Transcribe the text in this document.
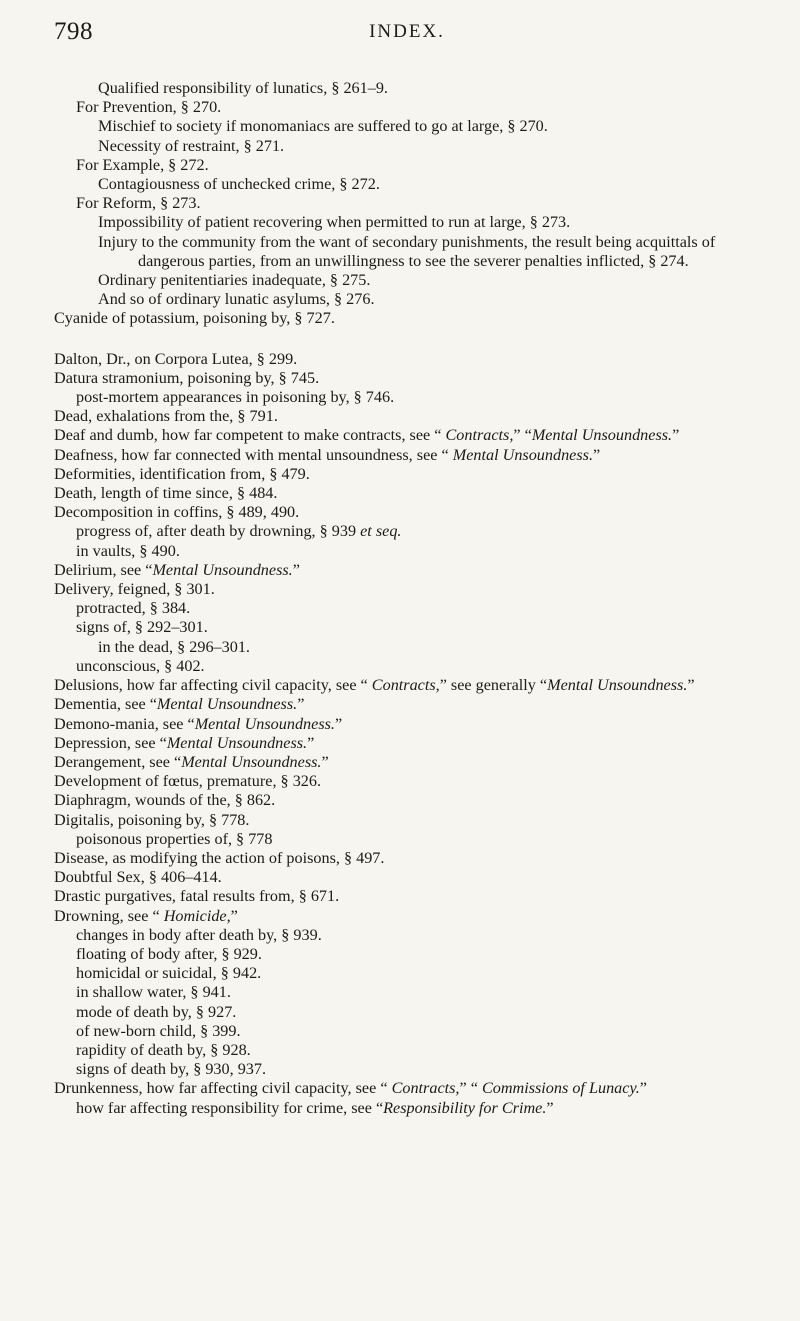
798	INDEX.
Qualified responsibility of lunatics, § 261–9.
For Prevention, § 270.
Mischief to society if monomaniacs are suffered to go at large, § 270.
Necessity of restraint, § 271.
For Example, § 272.
Contagiousness of unchecked crime, § 272.
For Reform, § 273.
Impossibility of patient recovering when permitted to run at large, § 273.
Injury to the community from the want of secondary punishments, the result being acquittals of dangerous parties, from an unwillingness to see the severer penalties inflicted, § 274.
Ordinary penitentiaries inadequate, § 275.
And so of ordinary lunatic asylums, § 276.
Cyanide of potassium, poisoning by, § 727.
Dalton, Dr., on Corpora Lutea, § 299.
Datura stramonium, poisoning by, § 745.
post-mortem appearances in poisoning by, § 746.
Dead, exhalations from the, § 791.
Deaf and dumb, how far competent to make contracts, see “ Contracts,” “Mental Unsoundness.”
Deafness, how far connected with mental unsoundness, see “ Mental Unsoundness.”
Deformities, identification from, § 479.
Death, length of time since, § 484.
Decomposition in coffins, § 489, 490.
progress of, after death by drowning, § 939 et seq.
in vaults, § 490.
Delirium, see “Mental Unsoundness.”
Delivery, feigned, § 301.
protracted, § 384.
signs of, § 292–301.
in the dead, § 296–301.
unconscious, § 402.
Delusions, how far affecting civil capacity, see “ Contracts,” see generally “Mental Unsoundness.”
Dementia, see “Mental Unsoundness.”
Demono-mania, see “Mental Unsoundness.”
Depression, see “Mental Unsoundness.”
Derangement, see “Mental Unsoundness.”
Development of fœtus, premature, § 326.
Diaphragm, wounds of the, § 862.
Digitalis, poisoning by, § 778.
poisonous properties of, § 778
Disease, as modifying the action of poisons, § 497.
Doubtful Sex, § 406–414.
Drastic purgatives, fatal results from, § 671.
Drowning, see “ Homicide,”
changes in body after death by, § 939.
floating of body after, § 929.
homicidal or suicidal, § 942.
in shallow water, § 941.
mode of death by, § 927.
of new-born child, § 399.
rapidity of death by, § 928.
signs of death by, § 930, 937.
Drunkenness, how far affecting civil capacity, see “ Contracts,” “ Commissions of Lunacy.”
how far affecting responsibility for crime, see “Responsibility for Crime.”
